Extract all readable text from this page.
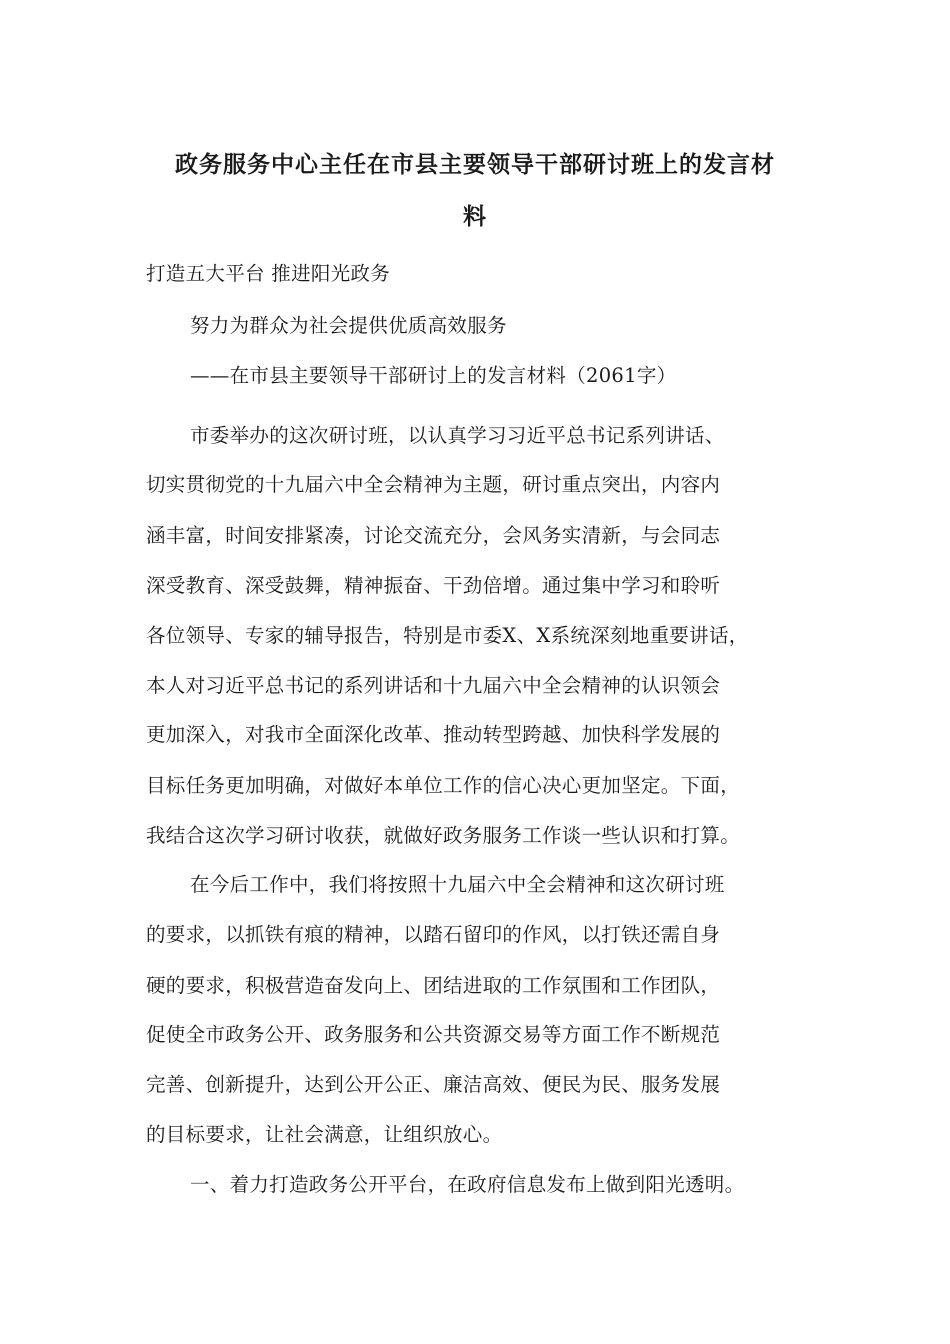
政务服务中心主任在市县主要领导干部研讨班上的发言材
料
打造五大平台 推进阳光政务
努力为群众为社会提供优质高效服务
——在市县主要领导干部研讨上的发言材料（2061字）
市委举办的这次研讨班，以认真学习习近平总书记系列讲话、
切实贯彻党的十九届六中全会精神为主题，研讨重点突出，内容内
涵丰富，时间安排紧凑，讨论交流充分，会风务实清新，与会同志
深受教育、深受鼓舞，精神振奋、干劲倍增。通过集中学习和聆听
各位领导、专家的辅导报告，特别是市委X、X系统深刻地重要讲话，
本人对习近平总书记的系列讲话和十九届六中全会精神的认识领会
更加深入，对我市全面深化改革、推动转型跨越、加快科学发展的
目标任务更加明确，对做好本单位工作的信心决心更加坚定。下面，
我结合这次学习研讨收获，就做好政务服务工作谈一些认识和打算。
在今后工作中，我们将按照十九届六中全会精神和这次研讨班
的要求，以抓铁有痕的精神，以踏石留印的作风，以打铁还需自身
硬的要求，积极营造奋发向上、团结进取的工作氛围和工作团队，
促使全市政务公开、政务服务和公共资源交易等方面工作不断规范
完善、创新提升，达到公开公正、廉洁高效、便民为民、服务发展
的目标要求，让社会满意，让组织放心。
一、着力打造政务公开平台，在政府信息发布上做到阳光透明。
